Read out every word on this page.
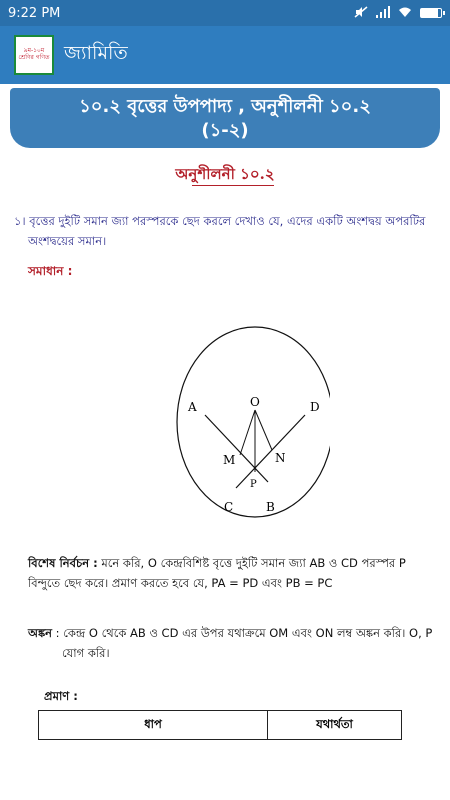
9:22 PM
৯ম-১০ম শ্রেণির গণিত জ্যামিতি
১০.২ বৃত্তের উপপাদ্য , অনুশীলনী ১০.২
(১-২)
অনুশীলনী ১০.২
১। বৃত্তের দুইটি সমান জ্যা পরস্পরকে ছেদ করলে দেখাও যে, এদের একটি অংশদ্বয় অপরটির
অংশদ্বয়ের সমান।
সমাধান :
A	O	D
M	N
P
C	B
বিশেষ নির্বচন : মনে করি, O কেন্দ্রবিশিষ্ট বৃত্তে দুইটি সমান জ্যা AB ও CD পরস্পর P
বিন্দুতে ছেদ করে। প্রমাণ করতে হবে যে, PA = PD এবং PB = PC
অঙ্কন : কেন্দ্র O থেকে AB ও CD এর উপর যথাক্রমে OM এবং ON লম্ব অঙ্কন করি। O, P
যোগ করি।
প্রমাণ :
ধাপ	যথার্থতা
